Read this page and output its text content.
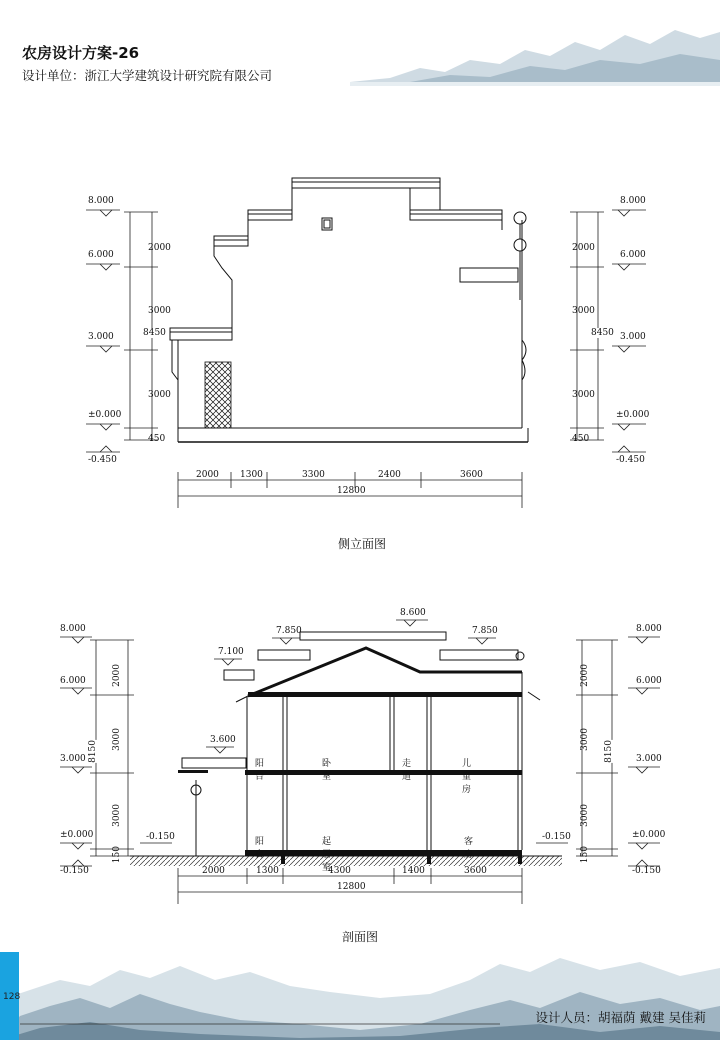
农房设计方案-26
设计单位：浙江大学建筑设计研究院有限公司
8.000
6.000
3.000
±0.000
-0.450
2000
3000
3000
450
8450
8.000
6.000
3.000
±0.000
-0.450
2000
3000
3000
450
8450
2000 1300	3300	2400	3600
12800
侧立面图
8.000
6.000
3.000
±0.000
-0.150
8.000
6.000
3.000
±0.000
-0.150
2000
3000
3000
150
8150
2000
3000
3000
150
8150
8.600
7.850	7.850
7.100
3.600
-0.150	-0.150
阳台
卧室
走道
儿童房
阳台
起居室
客房
2000	1300	4300	1400	3600
12800
剖面图
128
设计人员：胡福荫 戴建 吴佳莉
